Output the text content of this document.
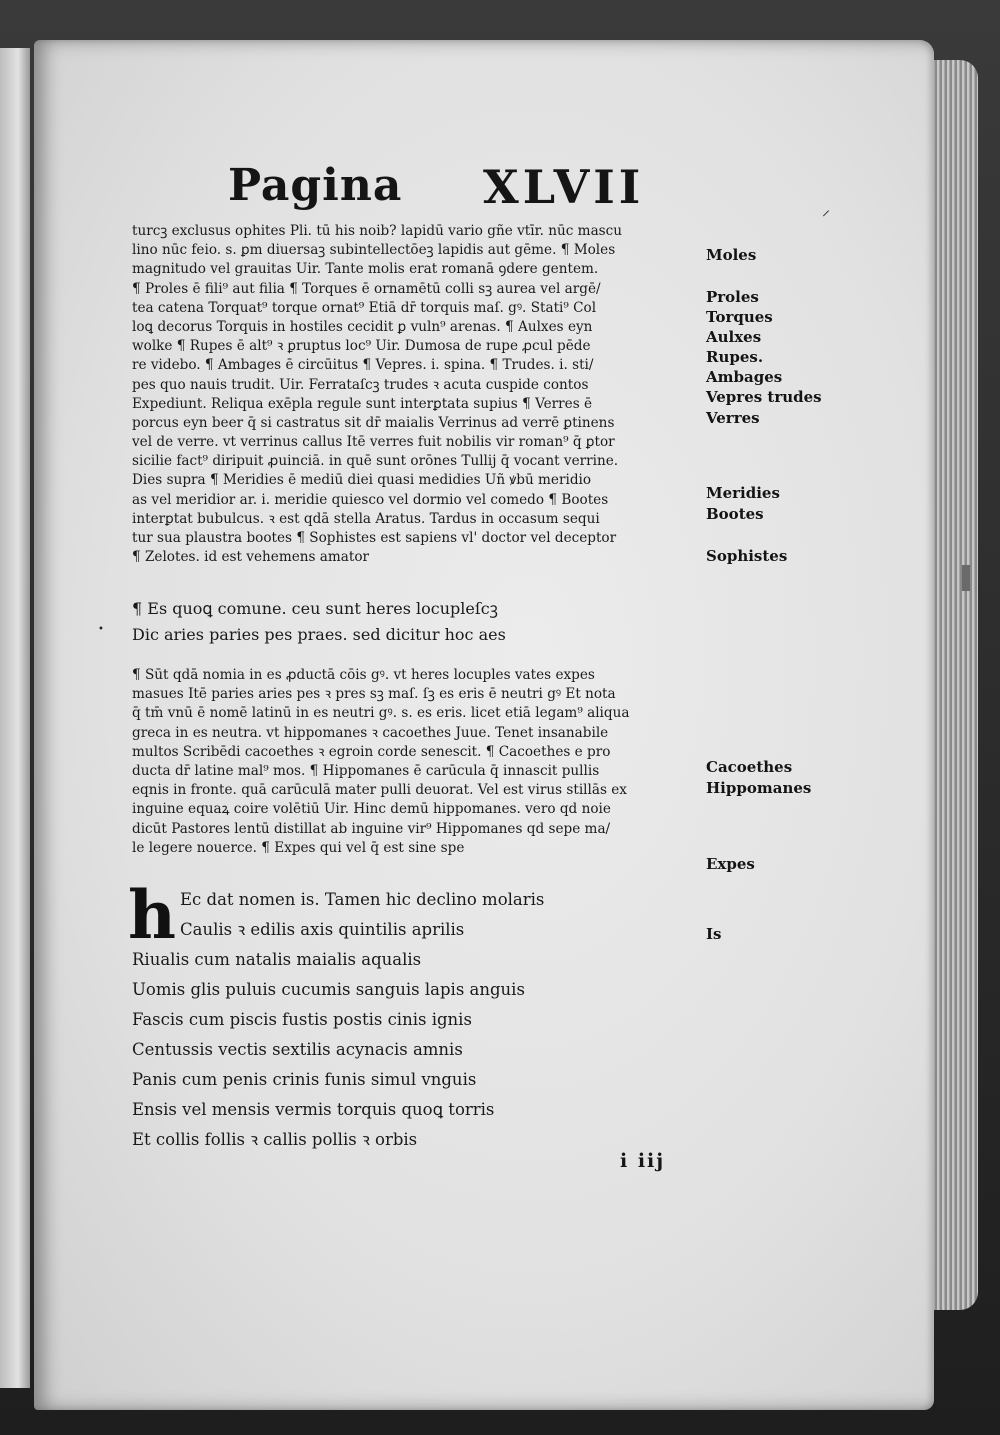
Pagina XLVII	⸝
•
turcꝫ exclusus ophites Pli. tū his noib? lapidū vario gñe vtīr. nūc mascu
lino nūc feio. s. ꝑm diuersaꝫ subintellectōeꝫ lapidis aut gēme. ¶ Moles
magnitudo vel grauitas Uir. Tante molis erat romanā ꝯdere gentem.
¶ Proles ē fili⁹ aut filia ¶ Torques ē ornamētū colli sꝫ aurea vel argē/
tea catena Torquat⁹ torque ornat⁹ Etiā dr̄ torquis maſ. gꝰ. Stati⁹ Col
loꝗ decorus Torquis in hostiles cecidit ꝑ vuln⁹ arenas. ¶ Aulxes eyn
wolke ¶ Rupes ē alt⁹ ꝛ ꝑruptus loc⁹ Uir. Dumosa de rupe ꝓcul pēde
re videbo. ¶ Ambages ē circūitus ¶ Vepres. i. spina. ¶ Trudes. i. sti/
pes quo nauis trudit. Uir. Ferrataſcꝫ trudes ꝛ acuta cuspide contos
Expediunt. Reliqua exēpla regule sunt interꝑtata supius ¶ Verres ē
porcus eyn beer q̄ si castratus sit dr̄ maialis Verrinus ad verrē ꝑtinens
vel de verre. vt verrinus callus Itē verres fuit nobilis vir roman⁹ q̄ ꝑtor
sicilie fact⁹ diripuit ꝓuinciā. in quē sunt orōnes Tullij q̄ vocant verrine.
Dies supra ¶ Meridies ē mediū diei quasi medidies Uñ ꝟbū meridio
as vel meridior ar. i. meridie quiesco vel dormio vel comedo ¶ Bootes
interꝑtat bubulcus. ꝛ est qdā stella Aratus. Tardus in occasum sequi
tur sua plaustra bootes ¶ Sophistes est sapiens vl' doctor vel deceptor
¶ Zelotes. id est vehemens amator
¶ Es quoꝗ comune. ceu sunt heres locupleſcꝫ
Dic aries paries pes praes. sed dicitur hoc aes
¶ Sūt qdā nomia in es ꝓductā cōis gꝰ. vt heres locuples vates expes
masues Itē paries aries pes ꝛ pres sꝫ maſ. ſꝫ es eris ē neutri gꝰ Et nota
q̄ tm̄ vnū ē nomē latinū in es neutri gꝰ. s. es eris. licet etiā legam⁹ aliqua
greca in es neutra. vt hippomanes ꝛ cacoethes Juue. Tenet insanabile
multos Scribēdi cacoethes ꝛ egroin corde senescit. ¶ Cacoethes e pro
ducta dr̄ latine mal⁹ mos. ¶ Hippomanes ē carūcula q̄ innascit pullis
eqnis in fronte. quā carūculā mater pulli deuorat. Vel est virus stillās ex
inguine equaꝝ coire volētiū Uir. Hinc demū hippomanes. vero qd noie
dicūt Pastores lentū distillat ab inguine vir⁹ Hippomanes qd sepe ma/
le legere nouerce. ¶ Expes qui vel q̄ est sine spe
h Ec dat nomen is. Tamen hic declino molaris
Caulis ꝛ edilis axis quintilis aprilis
Riualis cum natalis maialis aqualis
Uomis glis puluis cucumis sanguis lapis anguis
Fascis cum piscis fustis postis cinis ignis
Centussis vectis sextilis acynacis amnis
Panis cum penis crinis funis simul vnguis
Ensis vel mensis vermis torquis quoꝗ torris
Et collis follis ꝛ callis pollis ꝛ orbis
Moles
Proles
Torques
Aulxes
Rupes.
Ambages
Vepres trudes
Verres
Meridies
Bootes
Sophistes
Cacoethes
Hippomanes
Expes
Is
i iij
